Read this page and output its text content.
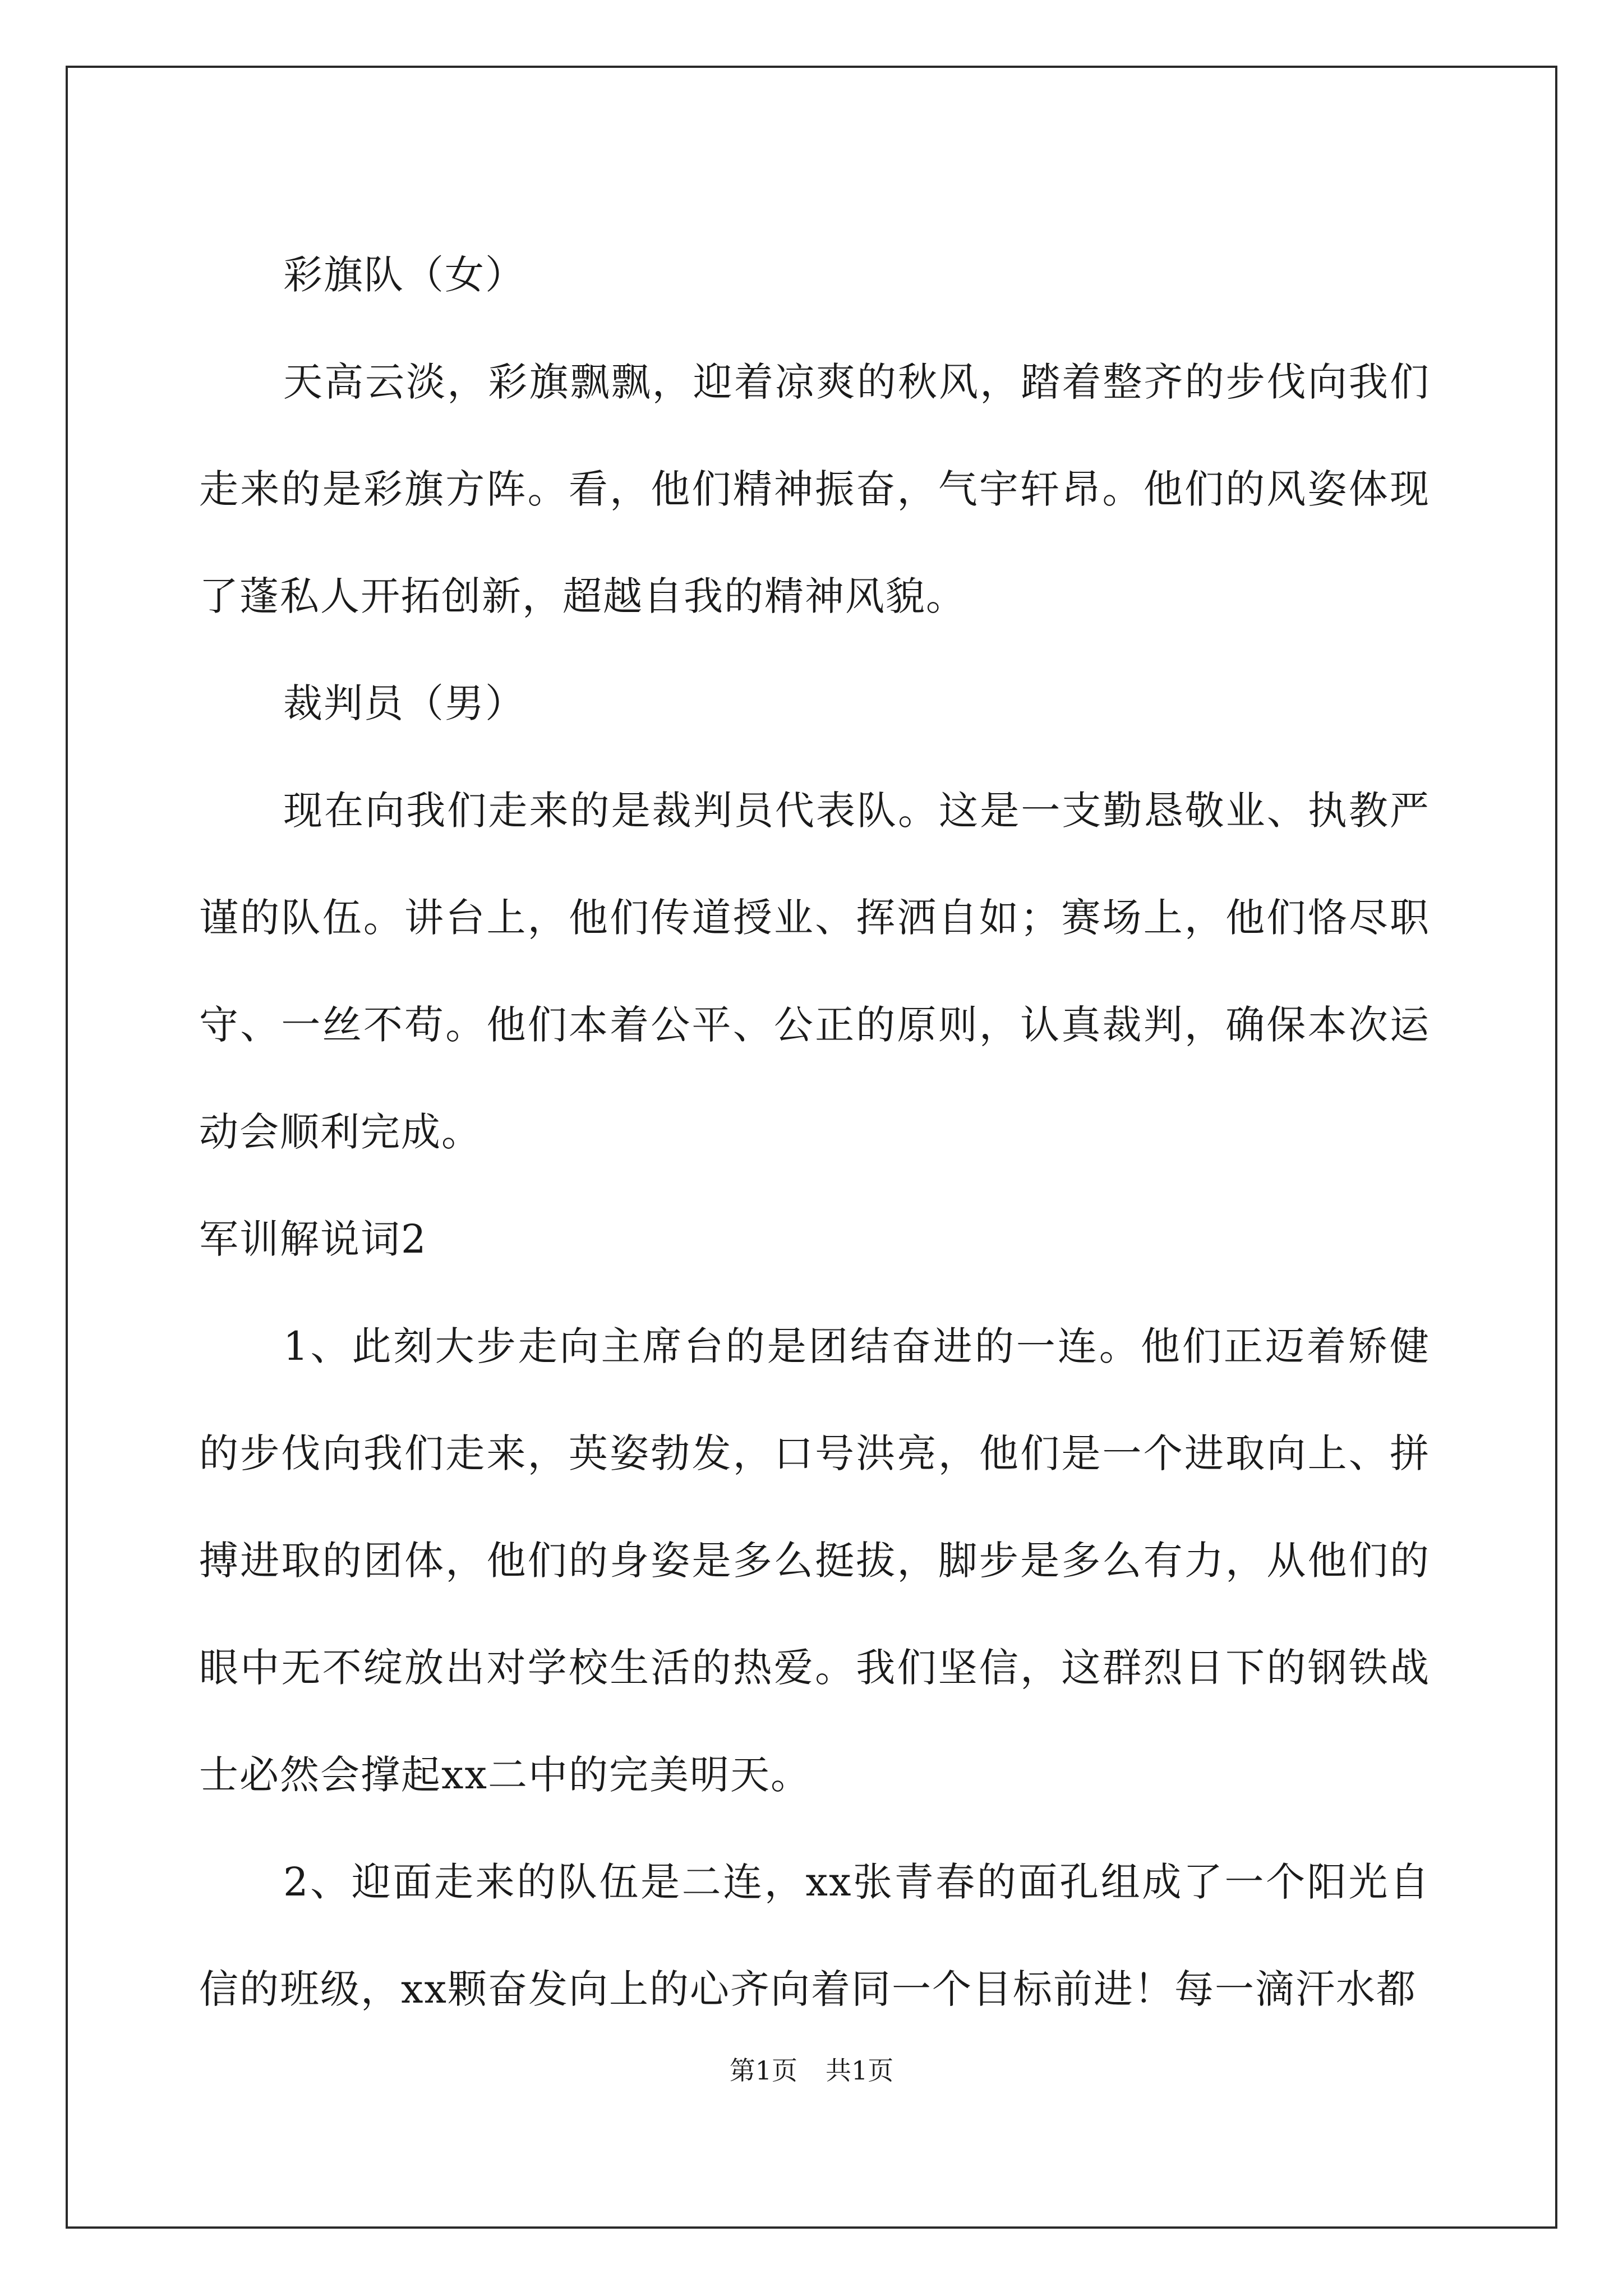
彩旗队（女）

天高云淡，彩旗飘飘，迎着凉爽的秋风，踏着整齐的步伐向我们走来的是彩旗方阵。看，他们精神振奋，气宇轩昂。他们的风姿体现了蓬私人开拓创新，超越自我的精神风貌。

裁判员（男）

现在向我们走来的是裁判员代表队。这是一支勤恳敬业、执教严谨的队伍。讲台上，他们传道授业、挥洒自如；赛场上，他们恪尽职守、一丝不苟。他们本着公平、公正的原则，认真裁判，确保本次运动会顺利完成。

军训解说词2

1、此刻大步走向主席台的是团结奋进的一连。他们正迈着矫健的步伐向我们走来，英姿勃发，口号洪亮，他们是一个进取向上、拼搏进取的团体，他们的身姿是多么挺拔，脚步是多么有力，从他们的眼中无不绽放出对学校生活的热爱。我们坚信，这群烈日下的钢铁战士必然会撑起xx二中的完美明天。

2、迎面走来的队伍是二连，xx张青春的面孔组成了一个阳光自信的班级，xx颗奋发向上的心齐向着同一个目标前进！每一滴汗水都

第1页 共1页
